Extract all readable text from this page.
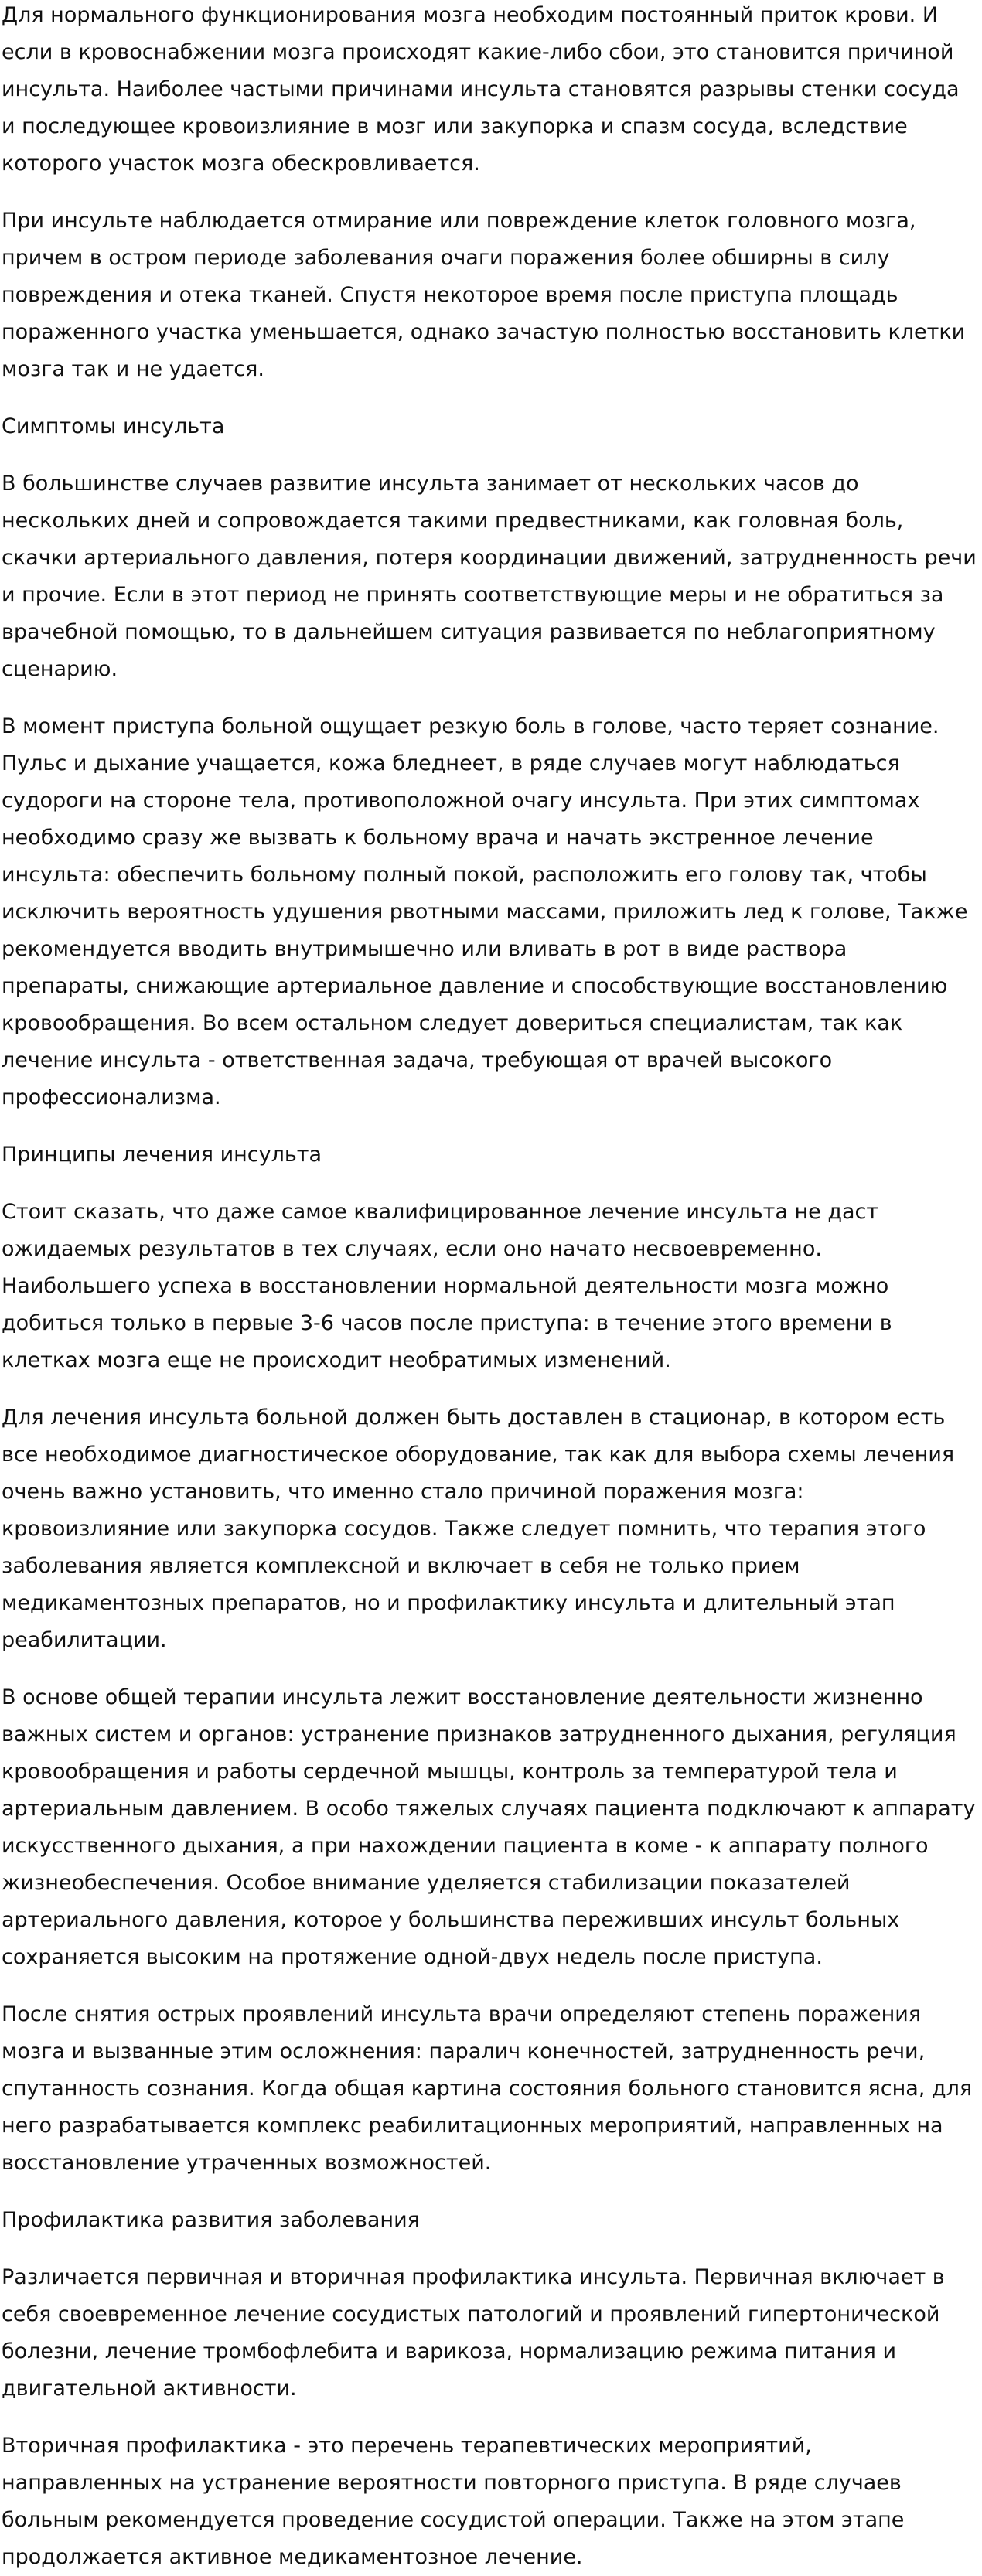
Для нормального функционирования мозга необходим постоянный приток крови. И если в кровоснабжении мозга происходят какие-либо сбои, это становится причиной инсульта. Наиболее частыми причинами инсульта становятся разрывы стенки сосуда и последующее кровоизлияние в мозг или закупорка и спазм сосуда, вследствие которого участок мозга обескровливается.

При инсульте наблюдается отмирание или повреждение клеток головного мозга, причем в остром периоде заболевания очаги поражения более обширны в силу повреждения и отека тканей. Спустя некоторое время после приступа площадь пораженного участка уменьшается, однако зачастую полностью восстановить клетки мозга так и не удается.

Симптомы инсульта

В большинстве случаев развитие инсульта занимает от нескольких часов до нескольких дней и сопровождается такими предвестниками, как головная боль, скачки артериального давления, потеря координации движений, затрудненность речи и прочие. Если в этот период не принять соответствующие меры и не обратиться за врачебной помощью, то в дальнейшем ситуация развивается по неблагоприятному сценарию.

В момент приступа больной ощущает резкую боль в голове, часто теряет сознание. Пульс и дыхание учащается, кожа бледнеет, в ряде случаев могут наблюдаться судороги на стороне тела, противоположной очагу инсульта. При этих симптомах необходимо сразу же вызвать к больному врача и начать экстренное лечение инсульта: обеспечить больному полный покой, расположить его голову так, чтобы исключить вероятность удушения рвотными массами, приложить лед к голове, Также рекомендуется вводить внутримышечно или вливать в рот в виде раствора препараты, снижающие артериальное давление и способствующие восстановлению кровообращения. Во всем остальном следует довериться специалистам, так как лечение инсульта - ответственная задача, требующая от врачей высокого профессионализма.

Принципы лечения инсульта

Стоит сказать, что даже самое квалифицированное лечение инсульта не даст ожидаемых результатов в тех случаях, если оно начато несвоевременно. Наибольшего успеха в восстановлении нормальной деятельности мозга можно добиться только в первые 3-6 часов после приступа: в течение этого времени в клетках мозга еще не происходит необратимых изменений.

Для лечения инсульта больной должен быть доставлен в стационар, в котором есть все необходимое диагностическое оборудование, так как для выбора схемы лечения очень важно установить, что именно стало причиной поражения мозга: кровоизлияние или закупорка сосудов. Также следует помнить, что терапия этого заболевания является комплексной и включает в себя не только прием медикаментозных препаратов, но и профилактику инсульта и длительный этап реабилитации.

В основе общей терапии инсульта лежит восстановление деятельности жизненно важных систем и органов: устранение признаков затрудненного дыхания, регуляция кровообращения и работы сердечной мышцы, контроль за температурой тела и артериальным давлением. В особо тяжелых случаях пациента подключают к аппарату искусственного дыхания, а при нахождении пациента в коме - к аппарату полного жизнеобеспечения. Особое внимание уделяется стабилизации показателей артериального давления, которое у большинства переживших инсульт больных сохраняется высоким на протяжение одной-двух недель после приступа.

После снятия острых проявлений инсульта врачи определяют степень поражения мозга и вызванные этим осложнения: паралич конечностей, затрудненность речи, спутанность сознания. Когда общая картина состояния больного становится ясна, для него разрабатывается комплекс реабилитационных мероприятий, направленных на восстановление утраченных возможностей.

Профилактика развития заболевания

Различается первичная и вторичная профилактика инсульта. Первичная включает в себя своевременное лечение сосудистых патологий и проявлений гипертонической болезни, лечение тромбофлебита и варикоза, нормализацию режима питания и двигательной активности.

Вторичная профилактика - это перечень терапевтических мероприятий, направленных на устранение вероятности повторного приступа. В ряде случаев больным рекомендуется проведение сосудистой операции. Также на этом этапе продолжается активное медикаментозное лечение.
